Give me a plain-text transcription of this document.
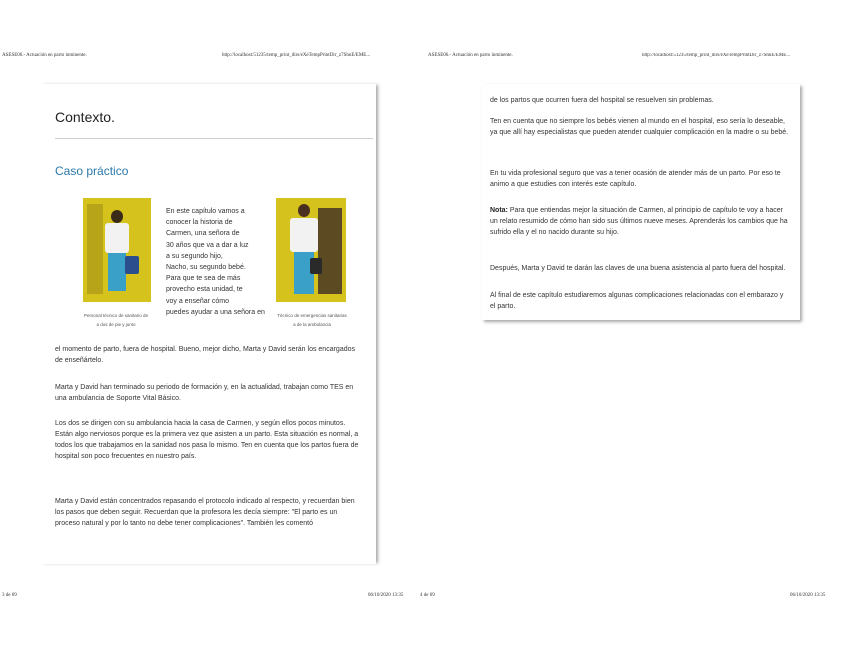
ASESE06.- Actuación en parto inminente.	http://localhost:51235/temp_print_dirs/eXeTempPrintDir_z7ShnE/EME...	ASESE06.- Actuación en parto inminente.	http://localhost:51235/temp_print_dirs/eXeTempPrintDir_z7ShnE/EME...
Contexto.
Caso práctico
Personal técnico de sanitario de
a dos de pie y junto
Técnico de emergencias sanitarias
a de la ambulancia
En este capítulo vamos a
conocer la historia de
Carmen, una señora de
30 años que va a dar a luz
a su segundo hijo,
Nacho, su segundo bebé.
Para que te sea de más
provecho esta unidad, te
voy a enseñar cómo
puedes ayudar a una señora en
el momento de parto, fuera de hospital. Bueno, mejor dicho, Marta y David serán los encargados de enseñártelo.
Marta y David han terminado su periodo de formación y, en la actualidad, trabajan como TES en una ambulancia de Soporte Vital Básico.
Los dos se dirigen con su ambulancia hacia la casa de Carmen, y según ellos pocos minutos. Están algo nerviosos porque es la primera vez que asisten a un parto. Esta situación es normal, a todos los que trabajamos en la sanidad nos pasa lo mismo. Ten en cuenta que los partos fuera de hospital son poco frecuentes en nuestro país.
Marta y David están concentrados repasando el protocolo indicado al respecto, y recuerdan bien los pasos que deben seguir. Recuerdan que la profesora les decía siempre: "El parto es un proceso natural y por lo tanto no debe tener complicaciones". También les comentó
de los partos que ocurren fuera del hospital se resuelven sin problemas.
Ten en cuenta que no siempre los bebés vienen al mundo en el hospital, eso sería lo deseable, ya que allí hay especialistas que pueden atender cualquier complicación en la madre o su bebé.
En tu vida profesional seguro que vas a tener ocasión de atender más de un parto. Por eso te animo a que estudies con interés este capítulo.
Nota: Para que entiendas mejor la situación de Carmen, al principio de capítulo te voy a hacer un relato resumido de cómo han sido sus últimos nueve meses. Aprenderás los cambios que ha sufrido ella y el no nacido durante su hijo.
Después, Marta y David te darán las claves de una buena asistencia al parto fuera del hospital.
Al final de este capítulo estudiaremos algunas complicaciones relacionadas con el embarazo y el parto.
3 de 69	06/10/2020 13:35	4 de 69	06/10/2020 13:35
